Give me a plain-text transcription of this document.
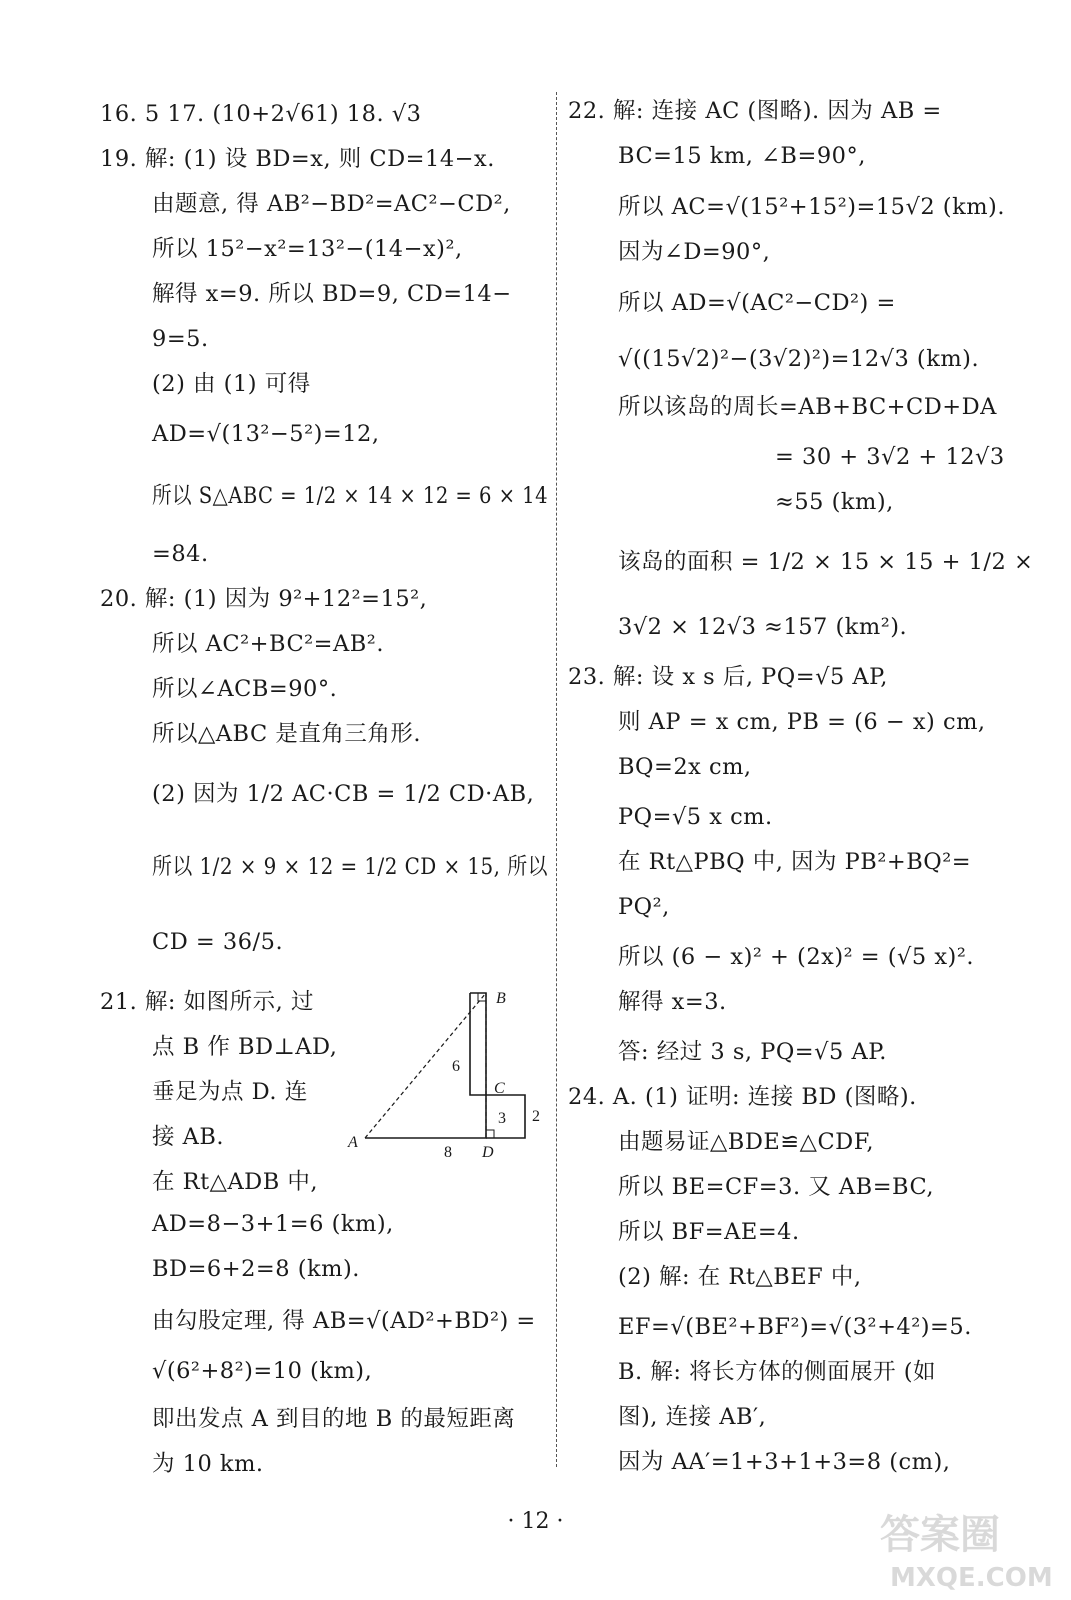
16. 5 17. (10+2√61) 18. √3
19. 解: (1) 设 BD=x, 则 CD=14−x.
由题意, 得 AB²−BD²=AC²−CD²,
所以 15²−x²=13²−(14−x)²,
解得 x=9. 所以 BD=9, CD=14−
9=5.
(2) 由 (1) 可得
AD=√(13²−5²)=12,
所以 S△ABC = 1/2 × 14 × 12 = 6 × 14
=84.
20. 解: (1) 因为 9²+12²=15²,
所以 AC²+BC²=AB².
所以∠ACB=90°.
所以△ABC 是直角三角形.
(2) 因为 1/2 AC·CB = 1/2 CD·AB,
所以 1/2 × 9 × 12 = 1/2 CD × 15, 所以
CD = 36/5.
21. 解: 如图所示, 过
点 B 作 BD⊥AD,
垂足为点 D. 连
接 AB.
在 Rt△ADB 中,
AD=8−3+1=6 (km),
BD=6+2=8 (km).
由勾股定理, 得 AB=√(AD²+BD²) =
√(6²+8²)=10 (km),
即出发点 A 到目的地 B 的最短距离
为 10 km.
22. 解: 连接 AC (图略). 因为 AB =
BC=15 km, ∠B=90°,
所以 AC=√(15²+15²)=15√2 (km).
因为∠D=90°,
所以 AD=√(AC²−CD²) =
√((15√2)²−(3√2)²)=12√3 (km).
所以该岛的周长=AB+BC+CD+DA
= 30 + 3√2 + 12√3
≈55 (km),
该岛的面积 = 1/2 × 15 × 15 + 1/2 ×
3√2 × 12√3 ≈157 (km²).
23. 解: 设 x s 后, PQ=√5 AP,
则 AP = x cm, PB = (6 − x) cm,
BQ=2x cm,
PQ=√5 x cm.
在 Rt△PBQ 中, 因为 PB²+BQ²=
PQ²,
所以 (6 − x)² + (2x)² = (√5 x)².
解得 x=3.
答: 经过 3 s, PQ=√5 AP.
24. A. (1) 证明: 连接 BD (图略).
由题易证△BDE≌△CDF,
所以 BE=CF=3. 又 AB=BC,
所以 BF=AE=4.
(2) 解: 在 Rt△BEF 中,
EF=√(BE²+BF²)=√(3²+4²)=5.
B. 解: 将长方体的侧面展开 (如
图), 连接 AB′,
因为 AA′=1+3+1+3=8 (cm),
A
B
C
D
6
3 2
8
· 12 ·	答案圈
MXQE.COM
